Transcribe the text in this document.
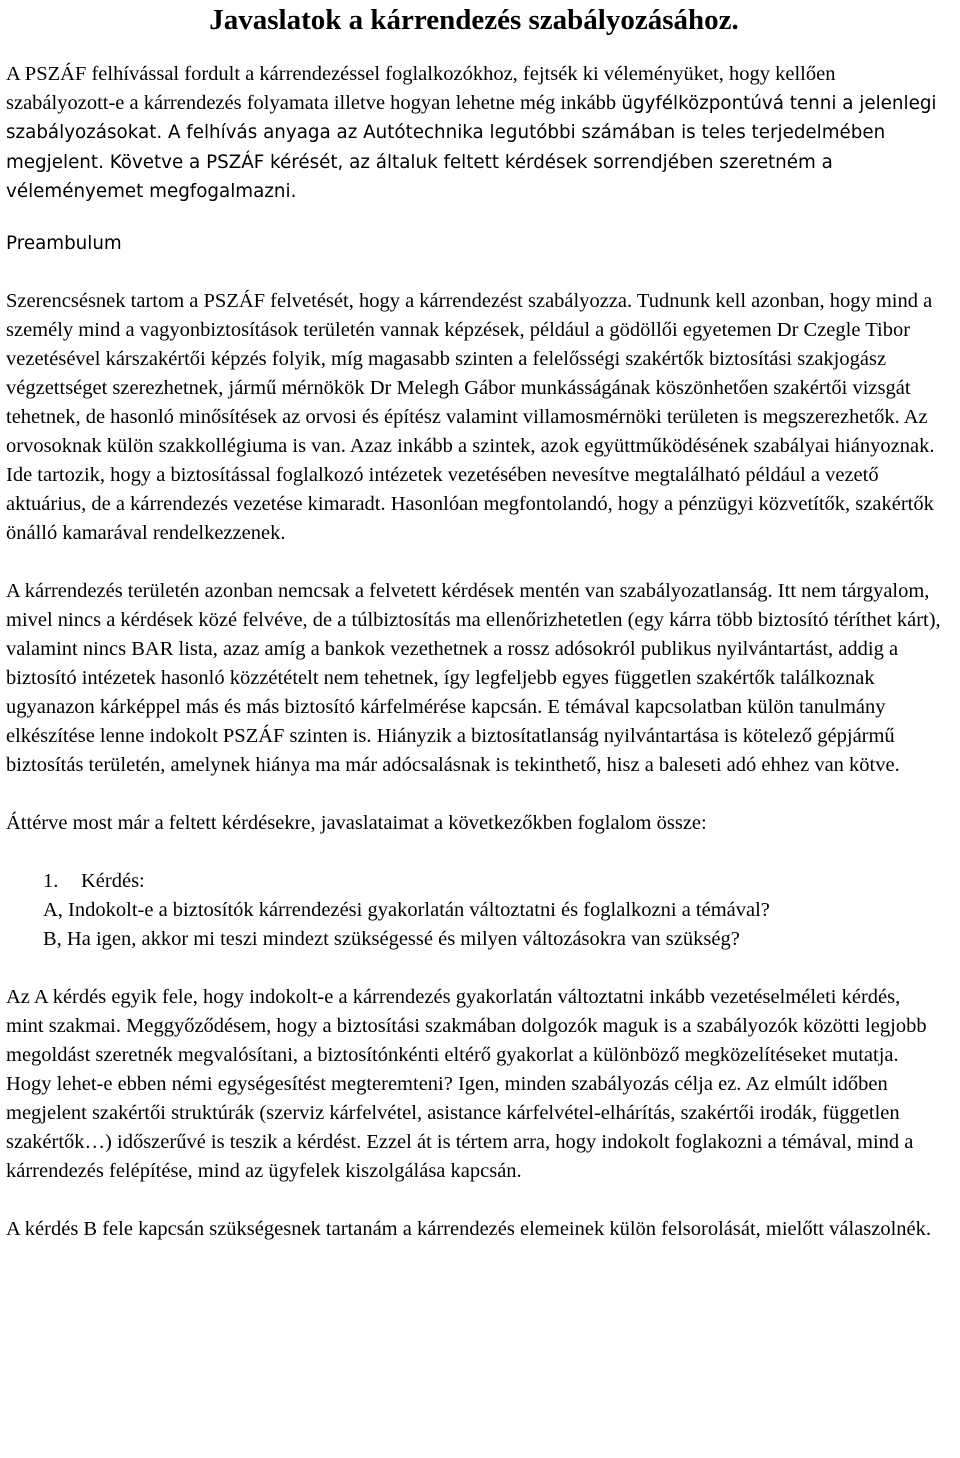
Javaslatok a kárrendezés szabályozásához.

A PSZÁF felhívással fordult a kárrendezéssel foglalkozókhoz, fejtsék ki véleményüket, hogy kellően szabályozott-e a kárrendezés folyamata illetve hogyan lehetne még inkább ügyfélközpontúvá tenni a jelenlegi szabályozásokat. A felhívás anyaga az Autótechnika legutóbbi számában is teles terjedelmében megjelent. Követve a PSZÁF kérését, az általuk feltett kérdések sorrendjében szeretném a véleményemet megfogalmazni.

Preambulum

Szerencsésnek tartom a PSZÁF felvetését, hogy a kárrendezést szabályozza. Tudnunk kell azonban, hogy mind a személy mind a vagyonbiztosítások területén vannak képzések, például a gödöllői egyetemen Dr Czegle Tibor vezetésével kárszakértői képzés folyik, míg magasabb szinten a felelősségi szakértők biztosítási szakjogász végzettséget szerezhetnek, jármű mérnökök Dr Melegh Gábor munkásságának köszönhetően szakértői vizsgát tehetnek, de hasonló minősítések az orvosi és építész valamint villamosmérnöki területen is megszerezhetők. Az orvosoknak külön szakkollégiuma is van. Azaz inkább a szintek, azok együttműködésének szabályai hiányoznak. Ide tartozik, hogy a biztosítással foglalkozó intézetek vezetésében nevesítve megtalálható például a vezető aktuárius, de a kárrendezés vezetése kimaradt. Hasonlóan megfontolandó, hogy a pénzügyi közvetítők, szakértők önálló kamarával rendelkezzenek.

A kárrendezés területén azonban nemcsak a felvetett kérdések mentén van szabályozatlanság. Itt nem tárgyalom, mivel nincs a kérdések közé felvéve, de a túlbiztosítás ma ellenőrizhetetlen (egy kárra több biztosító téríthet kárt), valamint nincs BAR lista, azaz amíg a bankok vezethetnek a rossz adósokról publikus nyilvántartást, addig a biztosító intézetek hasonló közzétételt nem tehetnek, így legfeljebb egyes független szakértők találkoznak ugyanazon kárképpel más és más biztosító kárfelmérése kapcsán. E témával kapcsolatban külön tanulmány elkészítése lenne indokolt PSZÁF szinten is. Hiányzik a biztosítatlanság nyilvántartása is kötelező gépjármű biztosítás területén, amelynek hiánya ma már adócsalásnak is tekinthető, hisz a baleseti adó ehhez van kötve.

Áttérve most már a feltett kérdésekre, javaslataimat a következőkben foglalom össze:

1. Kérdés:
A, Indokolt-e a biztosítók kárrendezési gyakorlatán változtatni és foglalkozni a témával?
B, Ha igen, akkor mi teszi mindezt szükségessé és milyen változásokra van szükség?

Az A kérdés egyik fele, hogy indokolt-e a kárrendezés gyakorlatán változtatni inkább vezetéselméleti kérdés, mint szakmai. Meggyőződésem, hogy a biztosítási szakmában dolgozók maguk is a szabályozók közötti legjobb megoldást szeretnék megvalósítani, a biztosítónkénti eltérő gyakorlat a különböző megközelítéseket mutatja. Hogy lehet-e ebben némi egységesítést megteremteni? Igen, minden szabályozás célja ez. Az elmúlt időben megjelent szakértői struktúrák (szerviz kárfelvétel, asistance kárfelvétel-elhárítás, szakértői irodák, független szakértők…) időszerűvé is teszik a kérdést. Ezzel át is tértem arra, hogy indokolt foglakozni a témával, mind a kárrendezés felépítése, mind az ügyfelek kiszolgálása kapcsán.

A kérdés B fele kapcsán szükségesnek tartanám a kárrendezés elemeinek külön felsorolását, mielőtt válaszolnék.
